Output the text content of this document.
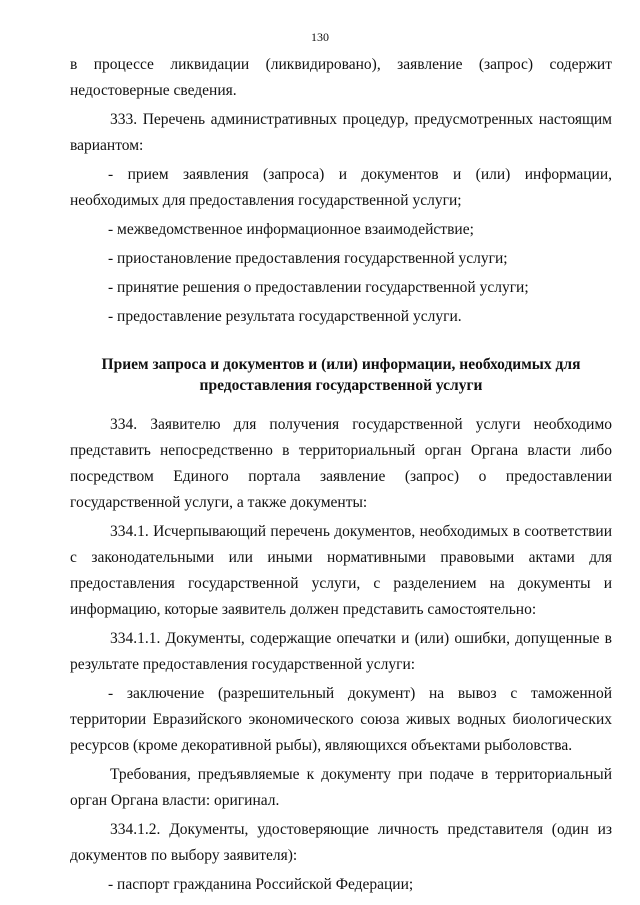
130

в процессе ликвидации (ликвидировано), заявление (запрос) содержит недостоверные сведения.

333. Перечень административных процедур, предусмотренных настоящим вариантом:

- прием заявления (запроса) и документов и (или) информации, необходимых для предоставления государственной услуги;

- межведомственное информационное взаимодействие;

- приостановление предоставления государственной услуги;

- принятие решения о предоставлении государственной услуги;

- предоставление результата государственной услуги.

Прием запроса и документов и (или) информации, необходимых для предоставления государственной услуги

334. Заявителю для получения государственной услуги необходимо представить непосредственно в территориальный орган Органа власти либо посредством Единого портала заявление (запрос) о предоставлении государственной услуги, а также документы:

334.1. Исчерпывающий перечень документов, необходимых в соответствии с законодательными или иными нормативными правовыми актами для предоставления государственной услуги, с разделением на документы и информацию, которые заявитель должен представить самостоятельно:

334.1.1. Документы, содержащие опечатки и (или) ошибки, допущенные в результате предоставления государственной услуги:

- заключение (разрешительный документ) на вывоз с таможенной территории Евразийского экономического союза живых водных биологических ресурсов (кроме декоративной рыбы), являющихся объектами рыболовства.

Требования, предъявляемые к документу при подаче в территориальный орган Органа власти: оригинал.

334.1.2. Документы, удостоверяющие личность представителя (один из документов по выбору заявителя):

- паспорт гражданина Российской Федерации;
